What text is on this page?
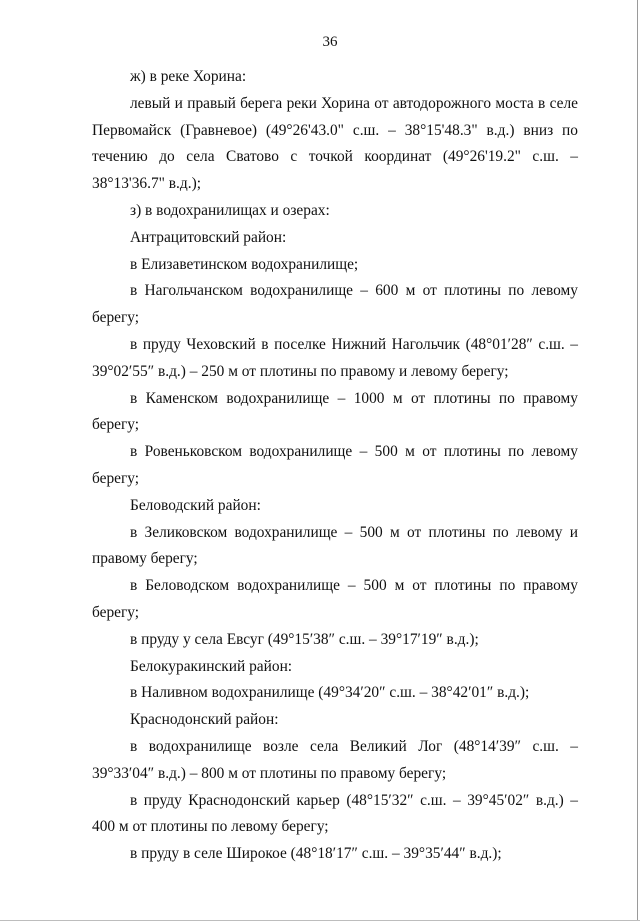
36

ж) в реке Хорина:

левый и правый берега реки Хорина от автодорожного моста в селе Первомайск (Гравневое) (49°26'43.0" с.ш. – 38°15'48.3" в.д.) вниз по течению до села Сватово с точкой координат (49°26'19.2" с.ш. – 38°13'36.7" в.д.);

з) в водохранилищах и озерах:

Антрацитовский район:

в Елизаветинском водохранилище;

в Нагольчанском водохранилище – 600 м от плотины по левому берегу;

в пруду Чеховский в поселке Нижний Нагольчик (48°01′28″ с.ш. – 39°02′55″ в.д.) – 250 м от плотины по правому и левому берегу;

в Каменском водохранилище – 1000 м от плотины по правому берегу;

в Ровеньковском водохранилище – 500 м от плотины по левому берегу;

Беловодский район:

в Зеликовском водохранилище – 500 м от плотины по левому и правому берегу;

в Беловодском водохранилище – 500 м от плотины по правому берегу;

в пруду у села Евсуг (49°15′38″ с.ш. – 39°17′19″ в.д.);

Белокуракинский район:

в Наливном водохранилище (49°34′20″ с.ш. – 38°42′01″ в.д.);

Краснодонский район:

в водохранилище возле села Великий Лог (48°14′39″ с.ш. – 39°33′04″ в.д.) – 800 м от плотины по правому берегу;

в пруду Краснодонский карьер (48°15′32″ с.ш. – 39°45′02″ в.д.) – 400 м от плотины по левому берегу;

в пруду в селе Широкое (48°18′17″ с.ш. – 39°35′44″ в.д.);
